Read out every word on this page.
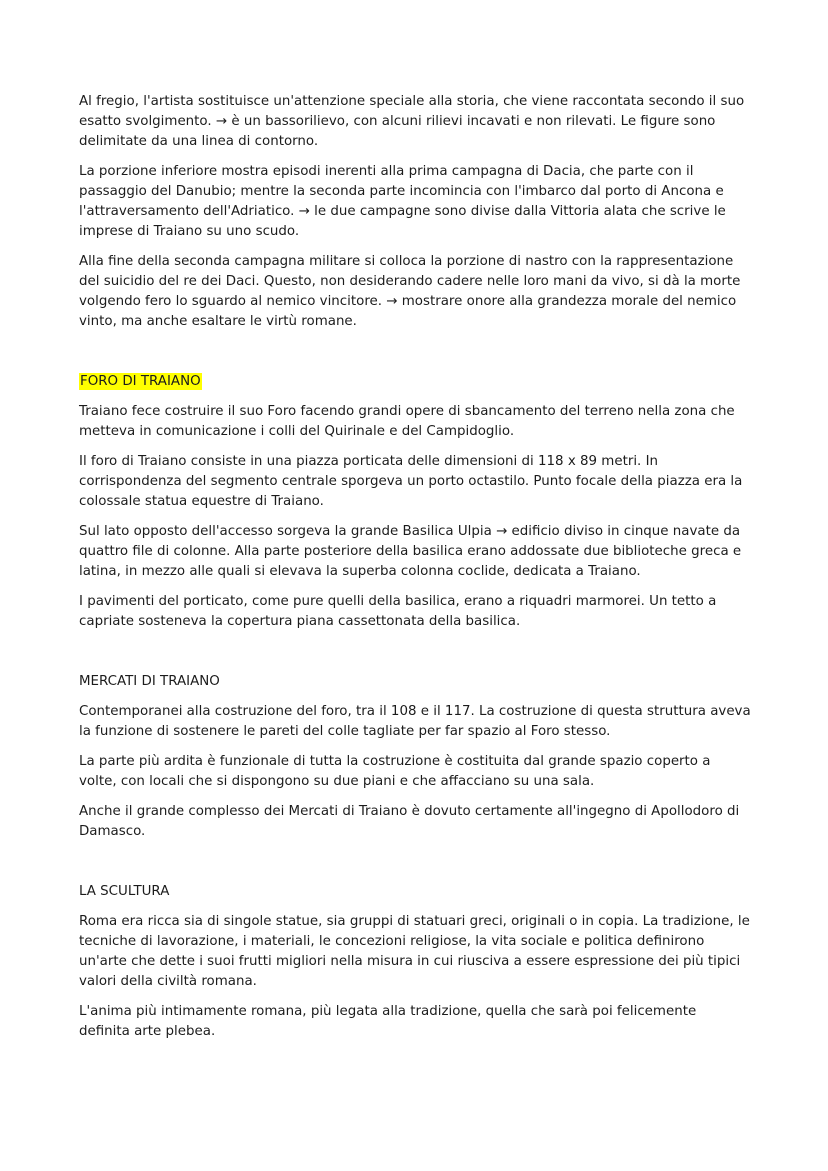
Al fregio, l'artista sostituisce un'attenzione speciale alla storia, che viene raccontata secondo il suo esatto svolgimento. → è un bassorilievo, con alcuni rilievi incavati e non rilevati. Le figure sono delimitate da una linea di contorno.

La porzione inferiore mostra episodi inerenti alla prima campagna di Dacia, che parte con il passaggio del Danubio; mentre la seconda parte incomincia con l'imbarco dal porto di Ancona e l'attraversamento dell'Adriatico. → le due campagne sono divise dalla Vittoria alata che scrive le imprese di Traiano su uno scudo.

Alla fine della seconda campagna militare si colloca la porzione di nastro con la rappresentazione del suicidio del re dei Daci. Questo, non desiderando cadere nelle loro mani da vivo, si dà la morte volgendo fero lo sguardo al nemico vincitore. → mostrare onore alla grandezza morale del nemico vinto, ma anche esaltare le virtù romane.

FORO DI TRAIANO

Traiano fece costruire il suo Foro facendo grandi opere di sbancamento del terreno nella zona che metteva in comunicazione i colli del Quirinale e del Campidoglio.

Il foro di Traiano consiste in una piazza porticata delle dimensioni di 118 x 89 metri. In corrispondenza del segmento centrale sporgeva un porto octastilo. Punto focale della piazza era la colossale statua equestre di Traiano.

Sul lato opposto dell'accesso sorgeva la grande Basilica Ulpia → edificio diviso in cinque navate da quattro file di colonne. Alla parte posteriore della basilica erano addossate due biblioteche greca e latina, in mezzo alle quali si elevava la superba colonna coclide, dedicata a Traiano.

I pavimenti del porticato, come pure quelli della basilica, erano a riquadri marmorei. Un tetto a capriate sosteneva la copertura piana cassettonata della basilica.

MERCATI DI TRAIANO

Contemporanei alla costruzione del foro, tra il 108 e il 117. La costruzione di questa struttura aveva la funzione di sostenere le pareti del colle tagliate per far spazio al Foro stesso.

La parte più ardita è funzionale di tutta la costruzione è costituita dal grande spazio coperto a volte, con locali che si dispongono su due piani e che affacciano su una sala.

Anche il grande complesso dei Mercati di Traiano è dovuto certamente all'ingegno di Apollodoro di Damasco.

LA SCULTURA

Roma era ricca sia di singole statue, sia gruppi di statuari greci, originali o in copia. La tradizione, le tecniche di lavorazione, i materiali, le concezioni religiose, la vita sociale e politica definirono un'arte che dette i suoi frutti migliori nella misura in cui riusciva a essere espressione dei più tipici valori della civiltà romana.

L'anima più intimamente romana, più legata alla tradizione, quella che sarà poi felicemente definita arte plebea.
